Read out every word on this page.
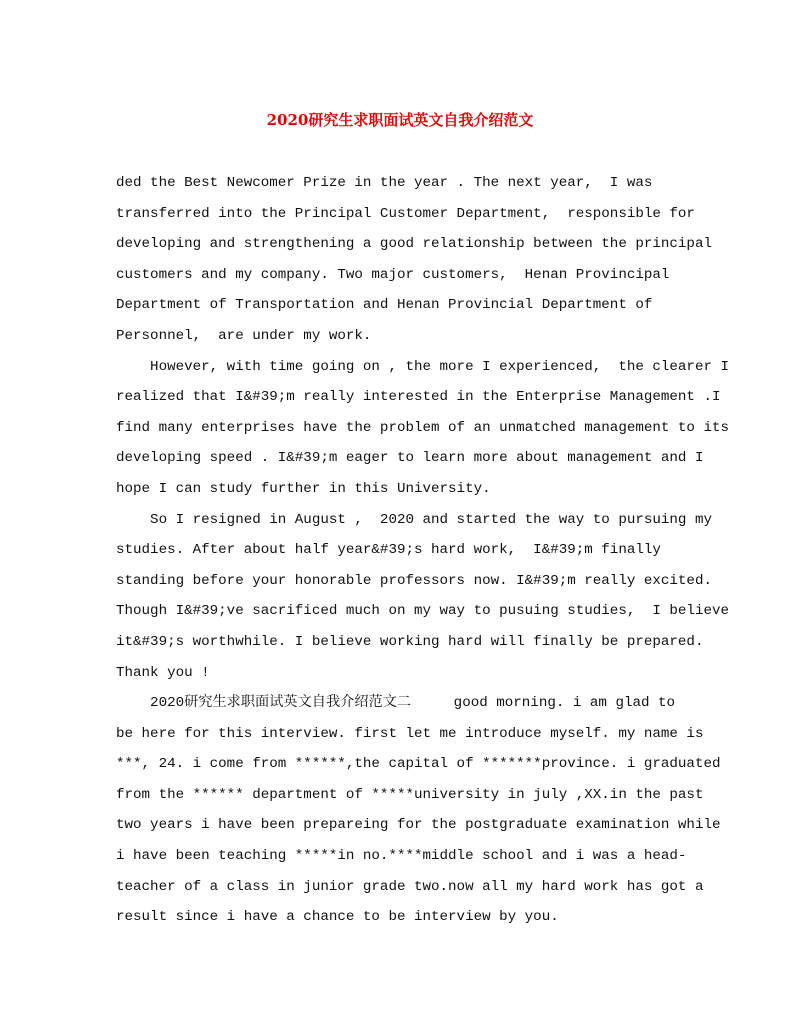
2020研究生求职面试英文自我介绍范文
ded the Best Newcomer Prize in the year . The next year,  I was
transferred into the Principal Customer Department,  responsible for
developing and strengthening a good relationship between the principal
customers and my company. Two major customers,  Henan Provincipal
Department of Transportation and Henan Provincial Department of
Personnel,  are under my work.
However, with time going on , the more I experienced,  the clearer I
realized that I&#39;m really interested in the Enterprise Management .I
find many enterprises have the problem of an unmatched management to its
developing speed . I&#39;m eager to learn more about management and I
hope I can study further in this University.
So I resigned in August ,  2020 and started the way to pursuing my
studies. After about half year&#39;s hard work,  I&#39;m finally
standing before your honorable professors now. I&#39;m really excited.
Though I&#39;ve sacrificed much on my way to pusuing studies,  I believe
it&#39;s worthwhile. I believe working hard will finally be prepared.
Thank you !
2020研究生求职面试英文自我介绍范文二     good morning. i am glad to
be here for this interview. first let me introduce myself. my name is
***, 24. i come from ******,the capital of *******province. i graduated
from the ****** department of *****university in july ,XX.in the past
two years i have been prepareing for the postgraduate examination while
i have been teaching *****in no.****middle school and i was a head-
teacher of a class in junior grade two.now all my hard work has got a
result since i have a chance to be interview by you.
